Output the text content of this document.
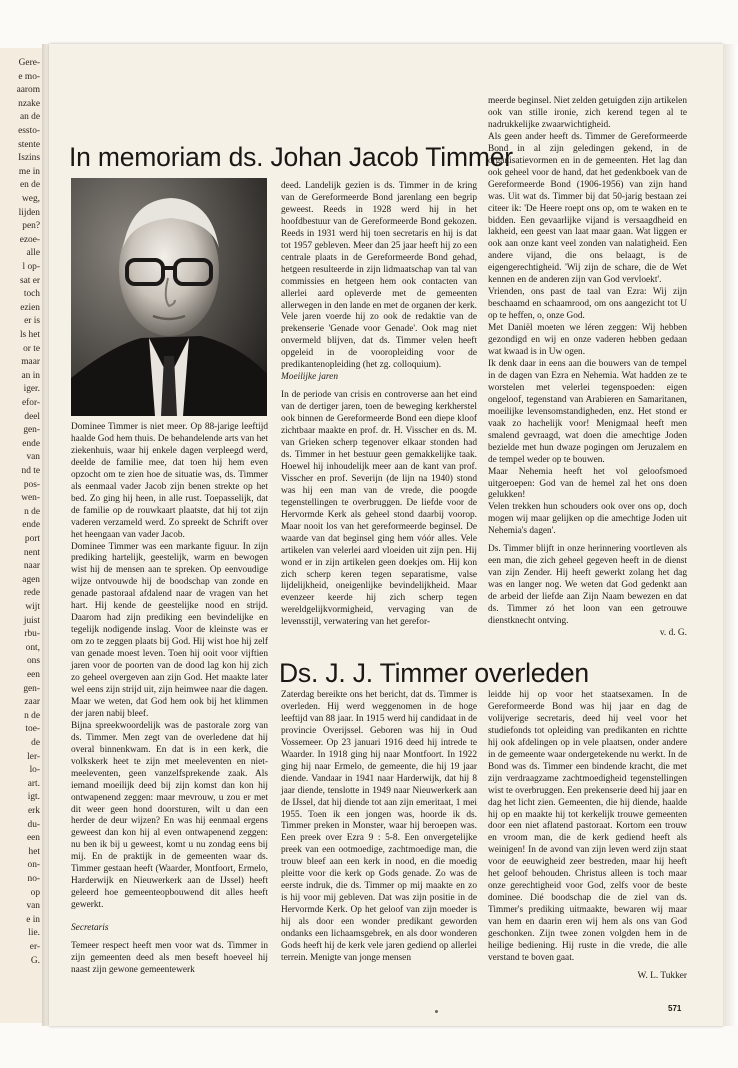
Gere-
e mo-
aarom
nzake
an de
essto-
stente
Iszins
me in
en de
weg,
lijden
pen?
ezoe-
alle
l op-
sat er
toch
ezien
er is
ls het
or te
maar
an in
iger.
efor-
deel
gen-
ende
van
nd te
pos-
wen-
n de
ende
port
nent
naar
agen
rede
wijt
juist
rbu-
ont,
ons
een
gen-
zaar
n de
toe-
de
ler-
lo-
art.
igt.
erk
du-
een
het
on-
no-
op
van
e in
lie.
er-
G.
In memoriam ds. Johan Jacob Timmer

Dominee Timmer is niet meer. Op 88-jarige leeftijd haalde God hem thuis. De behandelende arts van het ziekenhuis, waar hij enkele dagen verpleegd werd, deelde de familie mee, dat toen hij hem even opzocht om te zien hoe de situatie was, ds. Timmer als eenmaal vader Jacob zijn benen strekte op het bed. Zo ging hij heen, in alle rust. Toepasselijk, dat de familie op de rouwkaart plaatste, dat hij tot zijn vaderen verzameld werd. Zo spreekt de Schrift over het heengaan van vader Jacob.

Dominee Timmer was een markante figuur. In zijn prediking hartelijk, geestelijk, warm en bewogen wist hij de mensen aan te spreken. Op eenvoudige wijze ontvouwde hij de boodschap van zonde en genade pastoraal afdalend naar de vragen van het hart. Hij kende de geestelijke nood en strijd. Daarom had zijn prediking een bevindelijke en tegelijk nodigende inslag. Voor de kleinste was er om zo te zeggen plaats bij God. Hij wist hoe hij zelf van genade moest leven. Toen hij ooit voor vijftien jaren voor de poorten van de dood lag kon hij zich zo geheel overgeven aan zijn God. Het maakte later wel eens zijn strijd uit, zijn heimwee naar die dagen. Maar we weten, dat God hem ook bij het klimmen der jaren nabij bleef.

Bijna spreekwoordelijk was de pastorale zorg van ds. Timmer. Men zegt van de overledene dat hij overal binnenkwam. En dat is in een kerk, die volkskerk heet te zijn met meeleventen en niet-meeleventen, geen vanzelfsprekende zaak. Als iemand moeilijk deed bij zijn komst dan kon hij ontwapenend zeggen: maar mevrouw, u zou er met dit weer geen hond doorsturen, wilt u dan een herder de deur wijzen? En was hij eenmaal ergens geweest dan kon hij al even ontwapenend zeggen: nu ben ik bij u geweest, komt u nu zondag eens bij mij. En de praktijk in de gemeenten waar ds. Timmer gestaan heeft (Waarder, Montfoort, Ermelo, Harderwijk en Nieuwerkerk aan de IJssel) heeft geleerd hoe gemeenteopbouwend dit alles heeft gewerkt.

Secretaris

Temeer respect heeft men voor wat ds. Timmer in zijn gemeenten deed als men beseft hoeveel hij naast zijn gewone gemeentewerk

deed. Landelijk gezien is ds. Timmer in de kring van de Gereformeerde Bond jarenlang een begrip geweest. Reeds in 1928 werd hij in het hoofdbestuur van de Gereformeerde Bond gekozen. Reeds in 1931 werd hij toen secretaris en hij is dat tot 1957 gebleven. Meer dan 25 jaar heeft hij zo een centrale plaats in de Gereformeerde Bond gehad, hetgeen resulteerde in zijn lidmaatschap van tal van commissies en hetgeen hem ook contacten van allerlei aard opleverde met de gemeenten allerwegen in den lande en met de organen der kerk. Vele jaren voerde hij zo ook de redaktie van de prekenserie 'Genade voor Genade'. Ook mag niet onvermeld blijven, dat ds. Timmer velen heeft opgeleid in de vooropleiding voor de predikantenopleiding (het zg. colloquium).

Moeilijke jaren

In de periode van crisis en controverse aan het eind van de dertiger jaren, toen de beweging kerkherstel ook binnen de Gereformeerde Bond een diepe kloof zichtbaar maakte en prof. dr. H. Visscher en ds. M. van Grieken scherp tegenover elkaar stonden had ds. Timmer in het bestuur geen gemakkelijke taak. Hoewel hij inhoudelijk meer aan de kant van prof. Visscher en prof. Severijn (de lijn na 1940) stond was hij een man van de vrede, die poogde tegenstellingen te overbruggen. De liefde voor de Hervormde Kerk als geheel stond daarbij voorop. Maar nooit los van het gereformeerde beginsel. De waarde van dat beginsel ging hem vóór alles. Vele artikelen van velerlei aard vloeiden uit zijn pen. Hij wond er in zijn artikelen geen doekjes om. Hij kon zich scherp keren tegen separatisme, valse lijdelijkheid, oneigenlijke bevindelijkheid. Maar evenzeer keerde hij zich scherp tegen wereldgelijkvormigheid, vervaging van de levensstijl, verwatering van het gerefor-

meerde beginsel. Niet zelden getuigden zijn artikelen ook van stille ironie, zich kerend tegen al te nadrukkelijke zwaarwichtigheid.

Als geen ander heeft ds. Timmer de Gereformeerde Bond in al zijn geledingen gekend, in de organisatievormen en in de gemeenten. Het lag dan ook geheel voor de hand, dat het gedenkboek van de Gereformeerde Bond (1906-1956) van zijn hand was. Uit wat ds. Timmer bij dat 50-jarig bestaan zei citeer ik: 'De Heere roept ons op, om te waken en te bidden. Een gevaarlijke vijand is versaagdheid en lakheid, een geest van laat maar gaan. Wat liggen er ook aan onze kant veel zonden van nalatigheid. Een andere vijand, die ons belaagt, is de eigengerechtigheid. 'Wij zijn de schare, die de Wet kennen en de anderen zijn van God vervloekt'.

Vrienden, ons past de taal van Ezra: Wij zijn beschaamd en schaamrood, om ons aangezicht tot U op te heffen, o, onze God.

Met Daniël moeten we léren zeggen: Wij hebben gezondigd en wij en onze vaderen hebben gedaan wat kwaad is in Uw ogen.

Ik denk daar in eens aan die bouwers van de tempel in de dagen van Ezra en Nehemia. Wat hadden ze te worstelen met velerlei tegenspoeden: eigen ongeloof, tegenstand van Arabieren en Samaritanen, moeilijke levensomstandigheden, enz. Het stond er vaak zo hachelijk voor! Menigmaal heeft men smalend gevraagd, wat doen die amechtige Joden bezielde met hun dwaze pogingen om Jeruzalem en de tempel weder op te bouwen.

Maar Nehemia heeft het vol geloofsmoed uitgeroepen: God van de hemel zal het ons doen gelukken!

Velen trekken hun schouders ook over ons op, doch mogen wij maar gelijken op die amechtige Joden uit Nehemia's dagen'.

Ds. Timmer blijft in onze herinnering voortleven als een man, die zich geheel gegeven heeft in de dienst van zijn Zender. Hij heeft gewerkt zolang het dag was en langer nog. We weten dat God gedenkt aan de arbeid der liefde aan Zijn Naam bewezen en dat ds. Timmer zó het loon van een getrouwe dienstknecht ontving.

v. d. G.

Ds. J. J. Timmer overleden

Zaterdag bereikte ons het bericht, dat ds. Timmer is overleden. Hij werd weggenomen in de hoge leeftijd van 88 jaar. In 1915 werd hij candidaat in de provincie Overijssel. Geboren was hij in Oud Vossemeer. Op 23 januari 1916 deed hij intrede te Waarder. In 1918 ging hij naar Montfoort. In 1922 ging hij naar Ermelo, de gemeente, die hij 19 jaar diende. Vandaar in 1941 naar Harderwijk, dat hij 8 jaar diende, tenslotte in 1949 naar Nieuwerkerk aan de IJssel, dat hij diende tot aan zijn emeritaat, 1 mei 1955. Toen ik een jongen was, hoorde ik ds. Timmer preken in Monster, waar hij beroepen was. Een preek over Ezra 9 : 5-8. Een onvergetelijke preek van een ootmoedige, zachtmoedige man, die trouw bleef aan een kerk in nood, en die moedig pleitte voor die kerk op Gods genade. Zo was de eerste indruk, die ds. Timmer op mij maakte en zo is hij voor mij gebleven. Dat was zijn positie in de Hervormde Kerk. Op het geloof van zijn moeder is hij als door een wonder predikant geworden ondanks een lichaamsgebrek, en als door wonderen Gods heeft hij de kerk vele jaren gediend op allerlei terrein. Menigte van jonge mensen

leidde hij op voor het staatsexamen. In de Gereformeerde Bond was hij jaar en dag de volijverige secretaris, deed hij veel voor het studiefonds tot opleiding van predikanten en richtte hij ook afdelingen op in vele plaatsen, onder andere in de gemeente waar ondergetekende nu werkt. In de Bond was ds. Timmer een bindende kracht, die met zijn verdraagzame zachtmoedigheid tegenstellingen wist te overbruggen. Een prekenserie deed hij jaar en dag het licht zien. Gemeenten, die hij diende, haalde hij op en maakte hij tot kerkelijk trouwe gemeenten door een niet aflatend pastoraat. Kortom een trouw en vroom man, die de kerk gediend heeft als weinigen! In de avond van zijn leven werd zijn staat voor de eeuwigheid zeer bestreden, maar hij heeft het geloof behouden. Christus alleen is toch maar onze gerechtigheid voor God, zelfs voor de beste dominee. Dié boodschap die de ziel van ds. Timmer's prediking uitmaakte, bewaren wij maar van hem en daarin eren wij hem als ons van God geschonken. Zijn twee zonen volgden hem in de heilige bediening. Hij ruste in die vrede, die alle verstand te boven gaat.

W. L. Tukker

571
